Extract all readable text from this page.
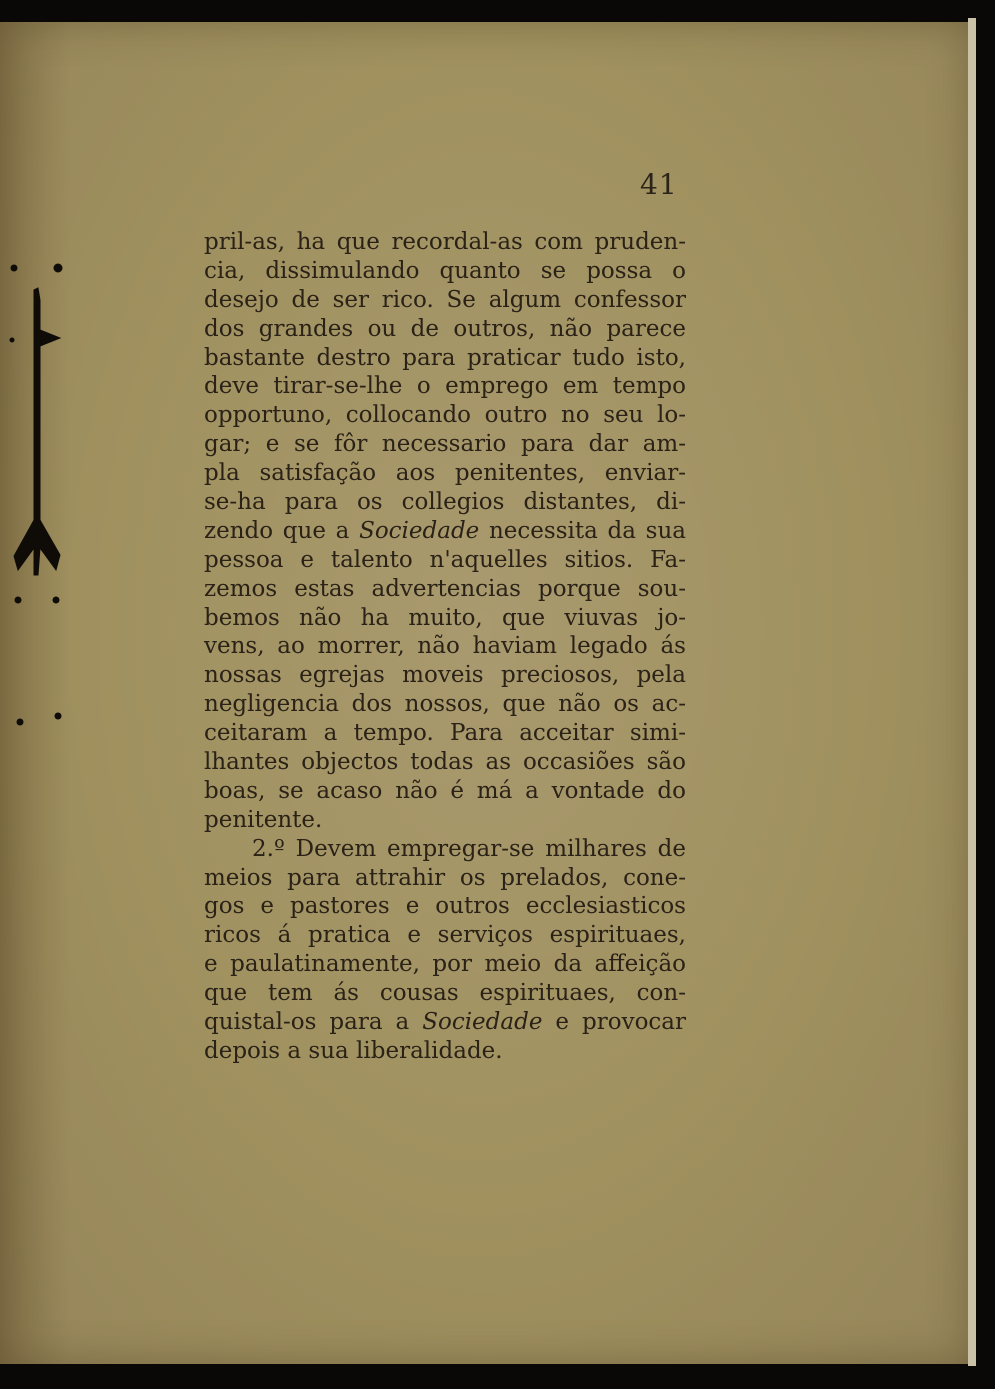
41
pril-as, ha que recordal-as com pruden-
cia, dissimulando quanto se possa o
desejo de ser rico. Se algum confessor
dos grandes ou de outros, não parece
bastante destro para praticar tudo isto,
deve tirar-se-lhe o emprego em tempo
opportuno, collocando outro no seu lo-
gar; e se fôr necessario para dar am-
pla satisfação aos penitentes, enviar-
se-ha para os collegios distantes, di-
zendo que a Sociedade necessita da sua
pessoa e talento n'aquelles sitios. Fa-
zemos estas advertencias porque sou-
bemos não ha muito, que viuvas jo-
vens, ao morrer, não haviam legado ás
nossas egrejas moveis preciosos, pela
negligencia dos nossos, que não os ac-
ceitaram a tempo. Para acceitar simi-
lhantes objectos todas as occasiões são
boas, se acaso não é má a vontade do
penitente.
2.º Devem empregar-se milhares de
meios para attrahir os prelados, cone-
gos e pastores e outros ecclesiasticos
ricos á pratica e serviços espirituaes,
e paulatinamente, por meio da affeição
que tem ás cousas espirituaes, con-
quistal-os para a Sociedade e provocar
depois a sua liberalidade.
